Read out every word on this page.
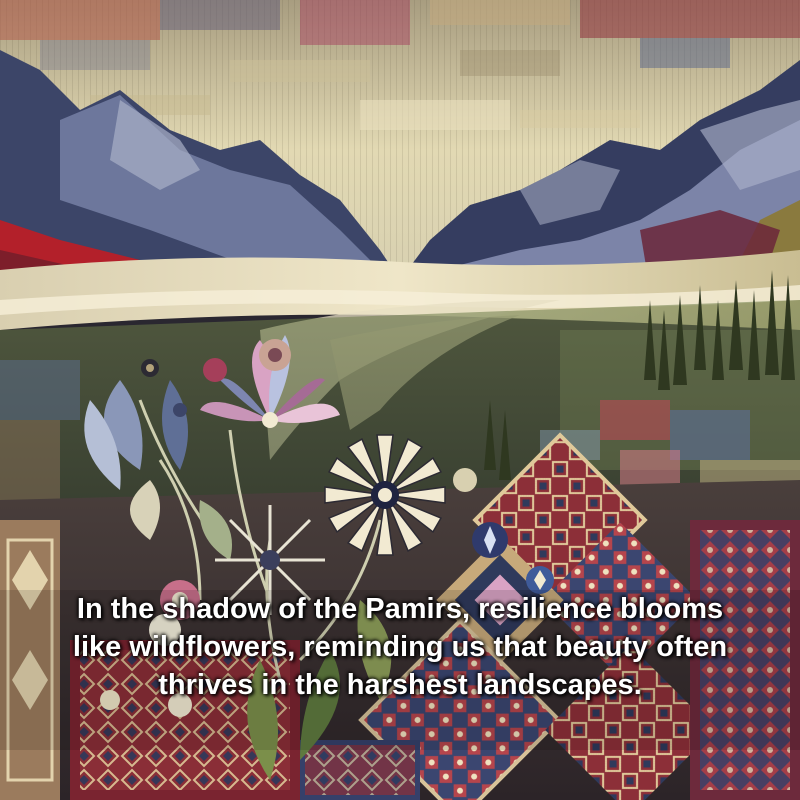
In the shadow of the Pamirs, resilience blooms like wildflowers, reminding us that beauty often thrives in the harshest landscapes.
